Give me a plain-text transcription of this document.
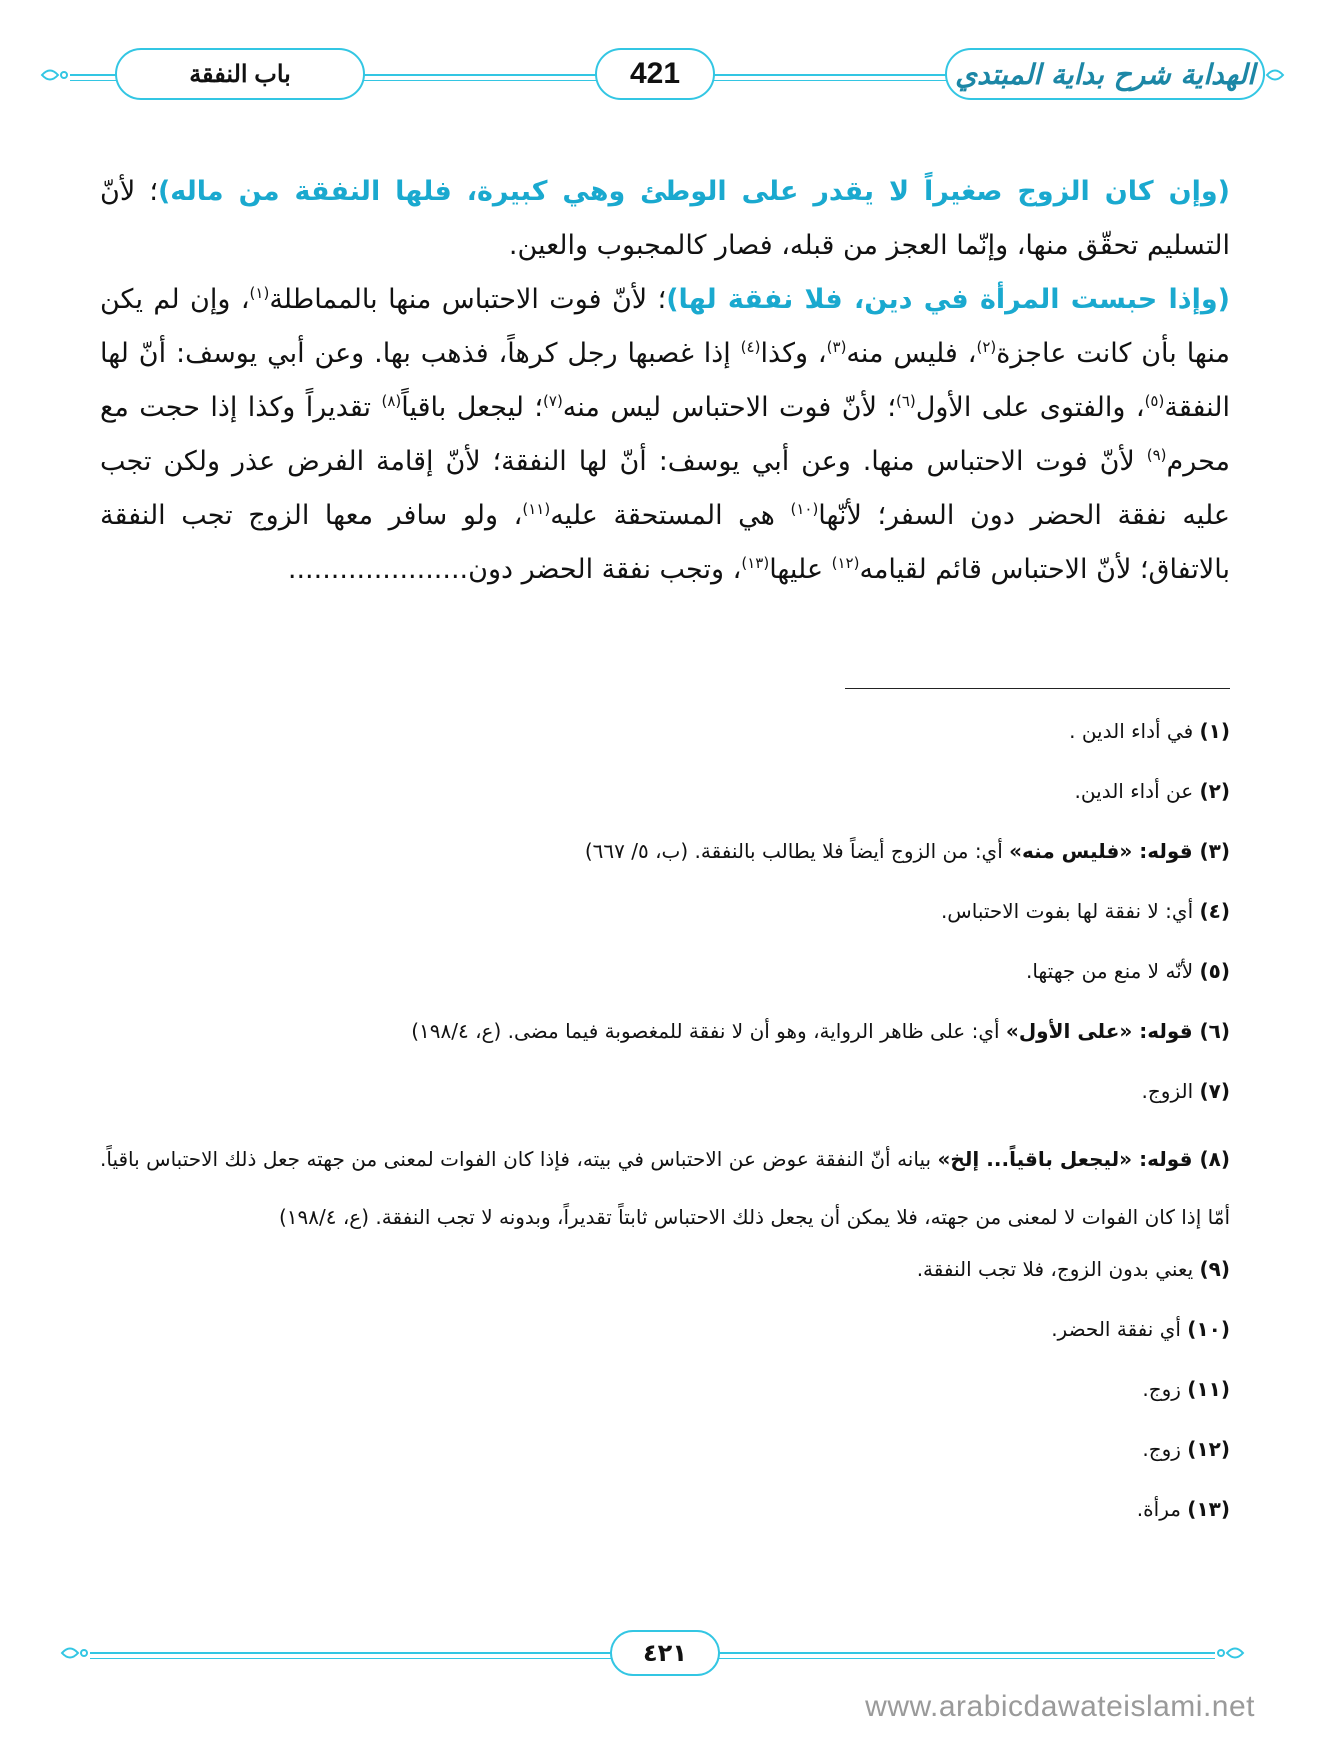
الهداية شرح بداية المبتدي
421
باب النفقة

(وإن كان الزوج صغيراً لا يقدر على الوطئ وهي كبيرة، فلها النفقة من ماله)؛ لأنّ التسليم تحقّق منها، وإنّما العجز من قبله، فصار كالمجبوب والعين.

(وإذا حبست المرأة في دين، فلا نفقة لها)؛ لأنّ فوت الاحتباس منها بالمماطلة$^{(١)}$، وإن لم يكن منها بأن كانت عاجزة$^{(٢)}$، فليس منه$^{(٣)}$، وكذا$^{(٤)}$ إذا غصبها رجل كرهاً، فذهب بها. وعن أبي يوسف: أنّ لها النفقة$^{(٥)}$، والفتوى على الأول$^{(٦)}$؛ لأنّ فوت الاحتباس ليس منه$^{(٧)}$؛ ليجعل باقياً$^{(٨)}$ تقديراً وكذا إذا حجت مع محرم$^{(٩)}$ لأنّ فوت الاحتباس منها. وعن أبي يوسف: أنّ لها النفقة؛ لأنّ إقامة الفرض عذر ولكن تجب عليه نفقة الحضر دون السفر؛ لأنّها$^{(١٠)}$ هي المستحقة عليه$^{(١١)}$، ولو سافر معها الزوج تجب النفقة بالاتفاق؛ لأنّ الاحتباس قائم لقيامه$^{(١٢)}$ عليها$^{(١٣)}$، وتجب نفقة الحضر دون.....................

(١) في أداء الدين .

(٢) عن أداء الدين.

(٣) قوله: «فليس منه» أي: من الزوج أيضاً فلا يطالب بالنفقة. (ب، ٥/ ٦٦٧)

(٤) أي: لا نفقة لها بفوت الاحتباس.

(٥) لأنّه لا منع من جهتها.

(٦) قوله: «على الأول» أي: على ظاهر الرواية، وهو أن لا نفقة للمغصوبة فيما مضى. (ع، ١٩٨/٤)

(٧) الزوج.

(٨) قوله: «ليجعل باقياً... إلخ» بيانه أنّ النفقة عوض عن الاحتباس في بيته، فإذا كان الفوات لمعنى من جهته جعل ذلك الاحتباس باقياً. أمّا إذا كان الفوات لا لمعنى من جهته، فلا يمكن أن يجعل ذلك الاحتباس ثابتاً تقديراً، وبدونه لا تجب النفقة. (ع، ١٩٨/٤)

(٩) يعني بدون الزوج، فلا تجب النفقة.

(١٠) أي نفقة الحضر.

(١١) زوج.

(١٢) زوج.

(١٣) مرأة.

٤٢١
www.arabicdawateislami.net
